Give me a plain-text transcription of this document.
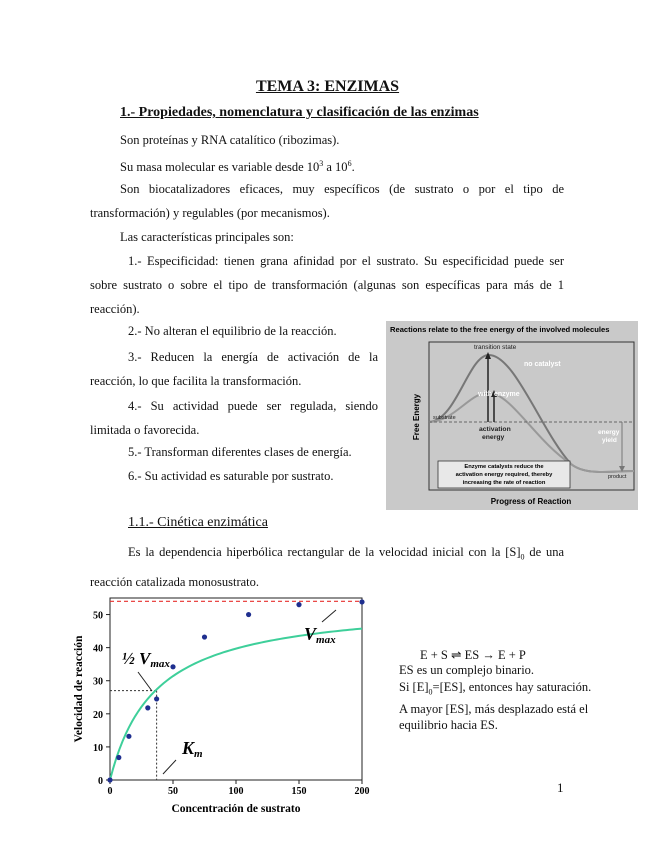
TEMA 3: ENZIMAS
1.- Propiedades, nomenclatura y clasificación de las enzimas

Son proteínas y RNA catalítico (ribozimas).

Su masa molecular es variable desde $10^3$ a $10^6$.

Son biocatalizadores eficaces, muy específicos (de sustrato o por el tipo de transformación) y regulables (por mecanismos).

Las características principales son:

1.- Especificidad: tienen grana afinidad por el sustrato. Su especificidad puede ser sobre sustrato o sobre el tipo de transformación (algunas son específicas para más de 1 reacción).

2.- No alteran el equilibrio de la reacción.

3.- Reducen la energía de activación de la reacción, lo que facilita la transformación.

4.- Su actividad puede ser regulada, siendo limitada o favorecida.

5.- Transforman diferentes clases de energía.

6.- Su actividad es saturable por sustrato.

Reactions relate to the free energy of the involved molecules
transition state
no catalyst
with enzyme
substrate
activation
energy
energy
yield
product
Enzyme catalysts reduce the
activation energy required, thereby
increasing the rate of reaction
Progress of Reaction
Free Energy
1.1.- Cinética enzimática

Es la dependencia hiperbólica rectangular de la velocidad inicial con la $[S]_0$ de una reacción catalizada monosustrato.

0
10
20
30
40
50
0	50	100	150	200
½ Vmax
Vmax
Km
Concentración de sustrato
Velocidad de reacción	E + S ⇌ ES → E + P
ES es un complejo binario.
Si $[E]_0=[ES]$, entonces hay saturación.
A mayor [ES], más desplazado está el equilibrio hacia ES.
1
